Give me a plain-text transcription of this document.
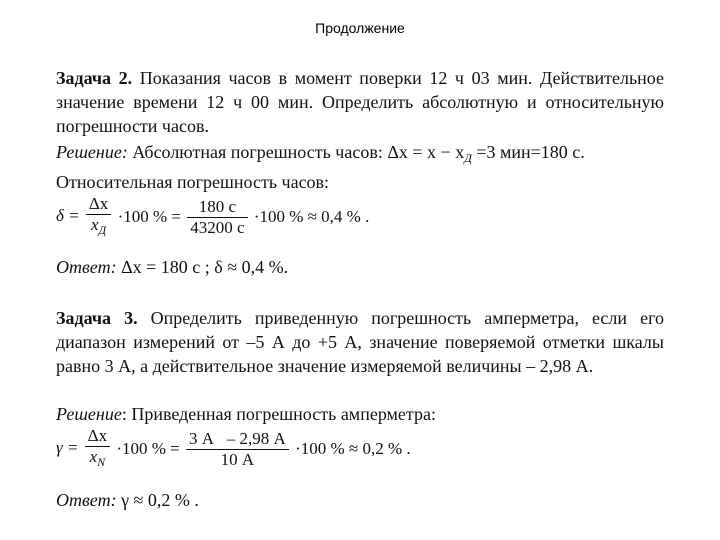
Продолжение
Задача 2. Показания часов в момент поверки 12 ч 03 мин. Действительное значение времени 12 ч 00 мин. Определить абсолютную и относительную погрешности часов.
Решение: Абсолютная погрешность часов: $\Delta x = x - x_Д =3$ мин=180 с.
Относительная погрешность часов:
$\delta = \frac{\Delta x}{x_Д} \cdot 100$ % = $\frac{180 с}{43200 с} \cdot 100$ % ≈ 0,4 % .
Ответ: Δx = 180 с ; δ ≈ 0,4 %.
Задача 3. Определить приведенную погрешность амперметра, если его диапазон измерений от –5 А до +5 А, значение поверяемой отметки шкалы равно 3 А, а действительное значение измеряемой величины – 2,98 А.
Решение: Приведенная погрешность амперметра:
$\gamma = \frac{\Delta x}{x_N} \cdot 100$ % = $\frac{3 А - 2,98 А}{10 А} \cdot 100$ % ≈ 0,2 % .
Ответ: γ ≈ 0,2 % .
